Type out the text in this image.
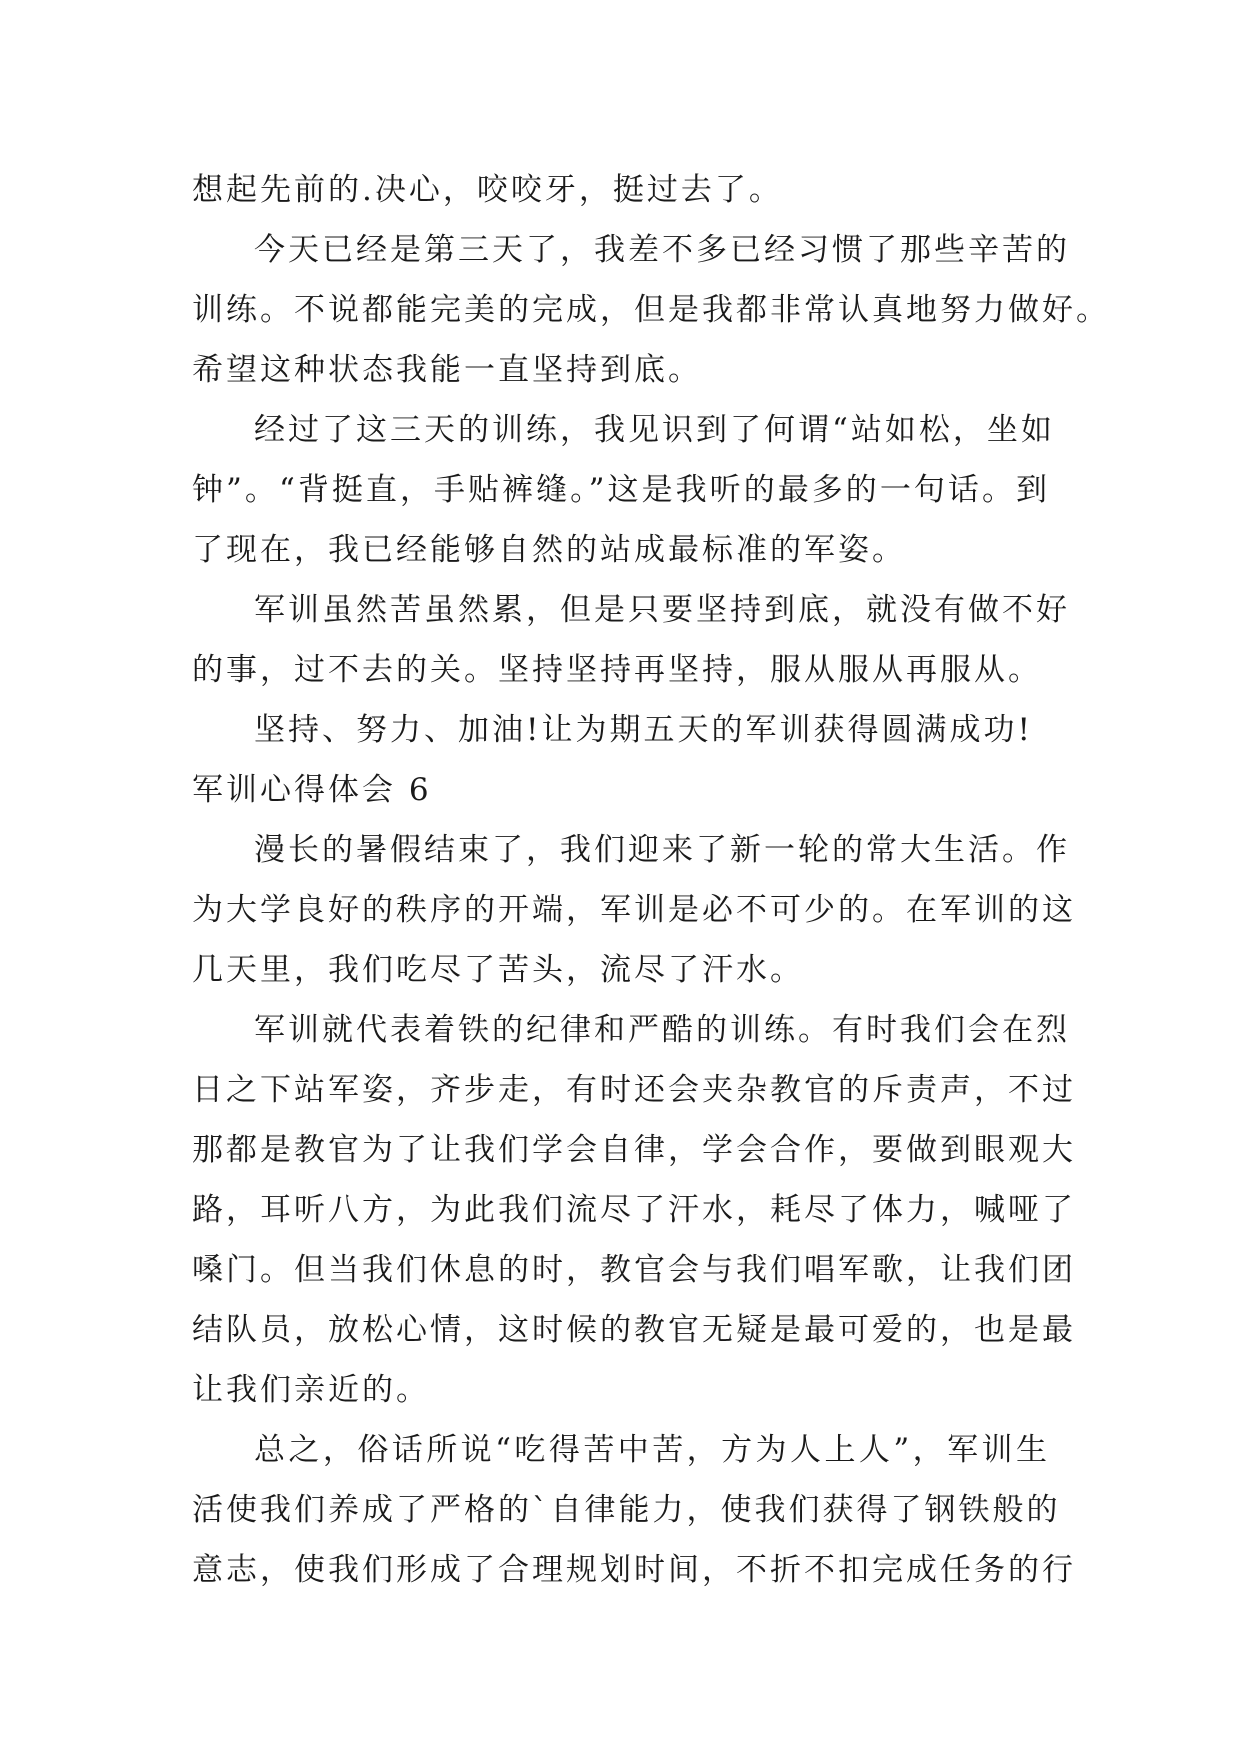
想起先前的.决心，咬咬牙，挺过去了。
今天已经是第三天了，我差不多已经习惯了那些辛苦的
训练。不说都能完美的完成，但是我都非常认真地努力做好。
希望这种状态我能一直坚持到底。
经过了这三天的训练，我见识到了何谓“站如松，坐如
钟”。“背挺直，手贴裤缝。”这是我听的最多的一句话。到
了现在，我已经能够自然的站成最标准的军姿。
军训虽然苦虽然累，但是只要坚持到底，就没有做不好
的事，过不去的关。坚持坚持再坚持，服从服从再服从。
坚持、努力、加油!让为期五天的军训获得圆满成功!
军训心得体会 6
漫长的暑假结束了，我们迎来了新一轮的常大生活。作
为大学良好的秩序的开端，军训是必不可少的。在军训的这
几天里，我们吃尽了苦头，流尽了汗水。
军训就代表着铁的纪律和严酷的训练。有时我们会在烈
日之下站军姿，齐步走，有时还会夹杂教官的斥责声，不过
那都是教官为了让我们学会自律，学会合作，要做到眼观大
路，耳听八方，为此我们流尽了汗水，耗尽了体力，喊哑了
嗓门。但当我们休息的时，教官会与我们唱军歌，让我们团
结队员，放松心情，这时候的教官无疑是最可爱的，也是最
让我们亲近的。
总之，俗话所说“吃得苦中苦，方为人上人”，军训生
活使我们养成了严格的`自律能力，使我们获得了钢铁般的
意志，使我们形成了合理规划时间，不折不扣完成任务的行
